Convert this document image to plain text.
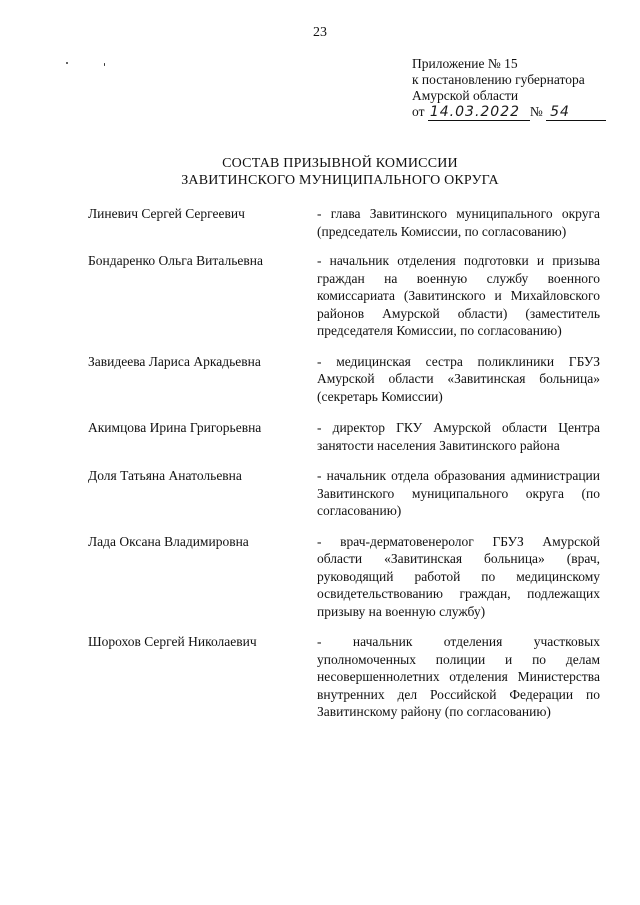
23
Приложение № 15
к постановлению губернатора
Амурской области
от 14.03.2022 № 54
СОСТАВ ПРИЗЫВНОЙ КОМИССИИ
ЗАВИТИНСКОГО МУНИЦИПАЛЬНОГО ОКРУГА
Линевич Сергей Сергеевич	- глава Завитинского муниципального округа (председатель Комиссии, по согласованию)
Бондаренко Ольга Витальевна	- начальник отделения подготовки и призыва граждан на военную службу военного комиссариата (Завитинского и Михайловского районов Амурской области) (заместитель председателя Комиссии, по согласованию)
Завидеева Лариса Аркадьевна	- медицинская сестра поликлиники ГБУЗ Амурской области «Завитинская больница» (секретарь Комиссии)
Акимцова Ирина Григорьевна	- директор ГКУ Амурской области Центра занятости населения Завитинского района
Доля Татьяна Анатольевна	- начальник отдела образования администрации Завитинского муниципального округа (по согласованию)
Лада Оксана Владимировна	- врач-дерматовенеролог ГБУЗ Амурской области «Завитинская больница» (врач, руководящий работой по медицинскому освидетельствованию граждан, подлежащих призыву на военную службу)
Шорохов Сергей Николаевич	- начальник отделения участковых уполномоченных полиции и по делам несовершеннолетних отделения Министерства внутренних дел Российской Федерации по Завитинскому району (по согласованию)
